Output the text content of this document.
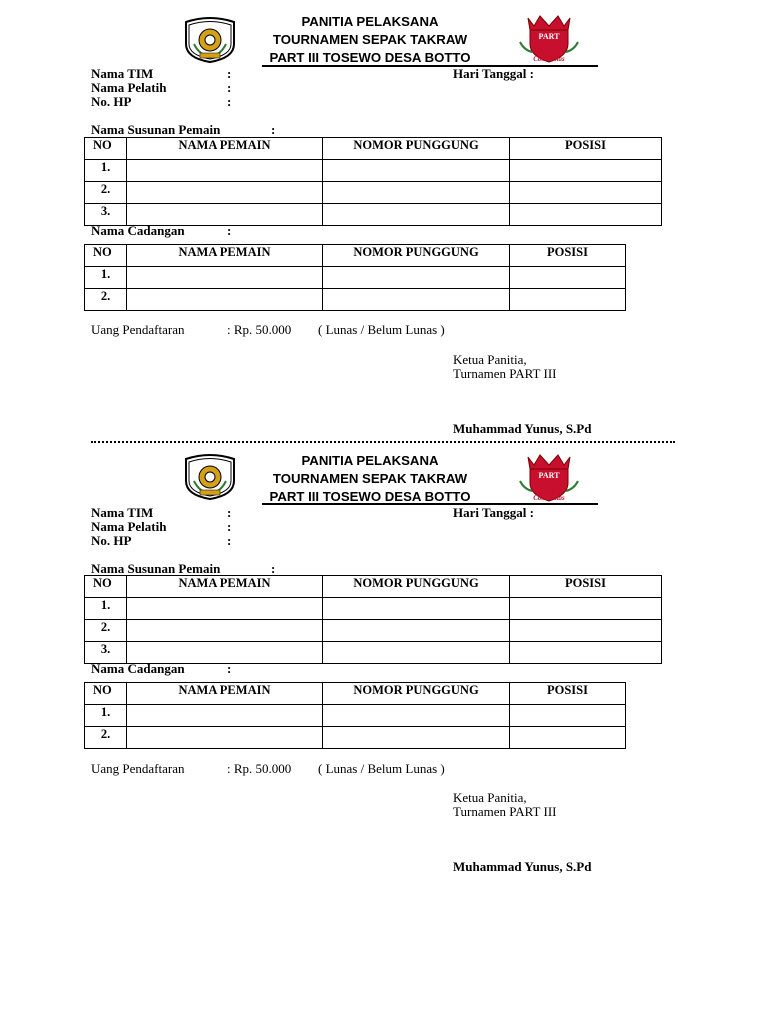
PANITIA PELAKSANA
TOURNAMEN SEPAK TAKRAW
PART III TOSEWO DESA BOTTO
PART
Comunitas
Nama TIM	:	Hari Tanggal :
Nama Pelatih	:
No. HP	:
Nama Susunan Pemain	:
NO	NAMA PEMAIN	NOMOR PUNGGUNG	POSISI
1.			
2.			
3.			
Nama Cadangan	:
NO	NAMA PEMAIN	NOMOR PUNGGUNG	POSISI
1.			
2.			
Uang Pendaftaran	: Rp. 50.000 ( Lunas / Belum Lunas )
Ketua Panitia,
Turnamen PART III
Muhammad Yunus, S.Pd
PANITIA PELAKSANA
TOURNAMEN SEPAK TAKRAW
PART III TOSEWO DESA BOTTO
PART
Comunitas
Nama TIM	:	Hari Tanggal :
Nama Pelatih	:
No. HP	:
Nama Susunan Pemain	:
NO	NAMA PEMAIN	NOMOR PUNGGUNG	POSISI
1.			
2.			
3.			
Nama Cadangan	:
NO	NAMA PEMAIN	NOMOR PUNGGUNG	POSISI
1.			
2.			
Uang Pendaftaran	: Rp. 50.000 ( Lunas / Belum Lunas )
Ketua Panitia,
Turnamen PART III
Muhammad Yunus, S.Pd
